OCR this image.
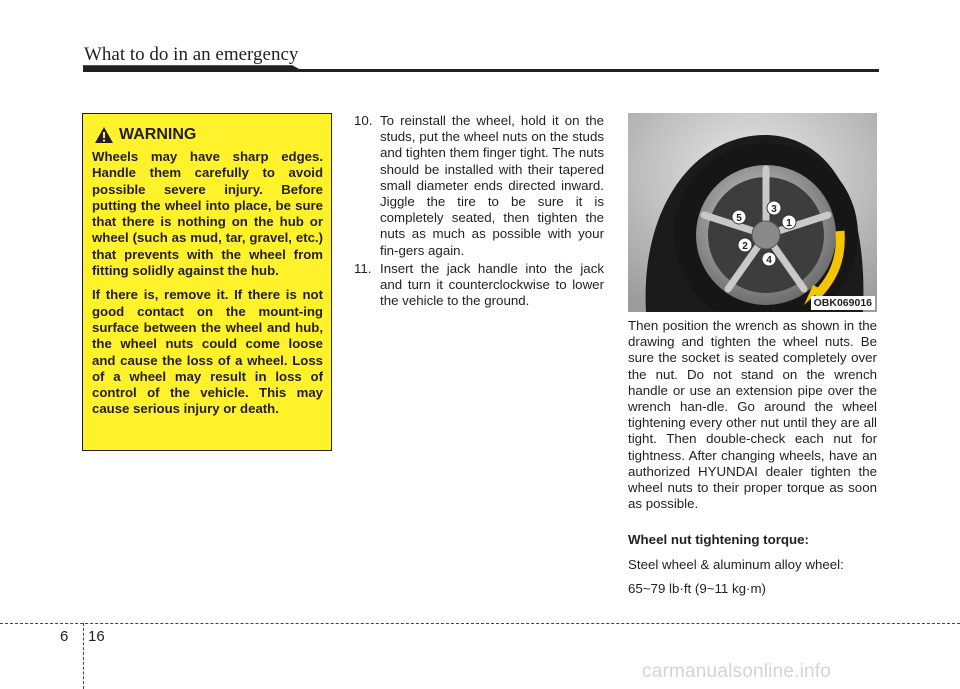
What to do in an emergency
WARNING

Wheels may have sharp edges. Handle them carefully to avoid possible severe injury. Before putting the wheel into place, be sure that there is nothing on the hub or wheel (such as mud, tar, gravel, etc.) that prevents with the wheel from fitting solidly against the hub.

If there is, remove it. If there is not good contact on the mount-ing surface between the wheel and hub, the wheel nuts could come loose and cause the loss of a wheel. Loss of a wheel may result in loss of control of the vehicle. This may cause serious injury or death.

10. To reinstall the wheel, hold it on the studs, put the wheel nuts on the studs and tighten them finger tight. The nuts should be installed with their tapered small diameter ends directed inward. Jiggle the tire to be sure it is completely seated, then tighten the nuts as much as possible with your fin-gers again.
11. Insert the jack handle into the jack and turn it counterclockwise to lower the vehicle to the ground.
1
2
3
4
5
OBK069016

Then position the wrench as shown in the drawing and tighten the wheel nuts. Be sure the socket is seated completely over the nut. Do not stand on the wrench handle or use an extension pipe over the wrench han-dle. Go around the wheel tightening every other nut until they are all tight. Then double-check each nut for tightness. After changing wheels, have an authorized HYUNDAI dealer tighten the wheel nuts to their proper torque as soon as possible.

Wheel nut tightening torque:

Steel wheel & aluminum alloy wheel:

65~79 lb·ft (9~11 kg·m)

6 16
carmanualsonline.info
